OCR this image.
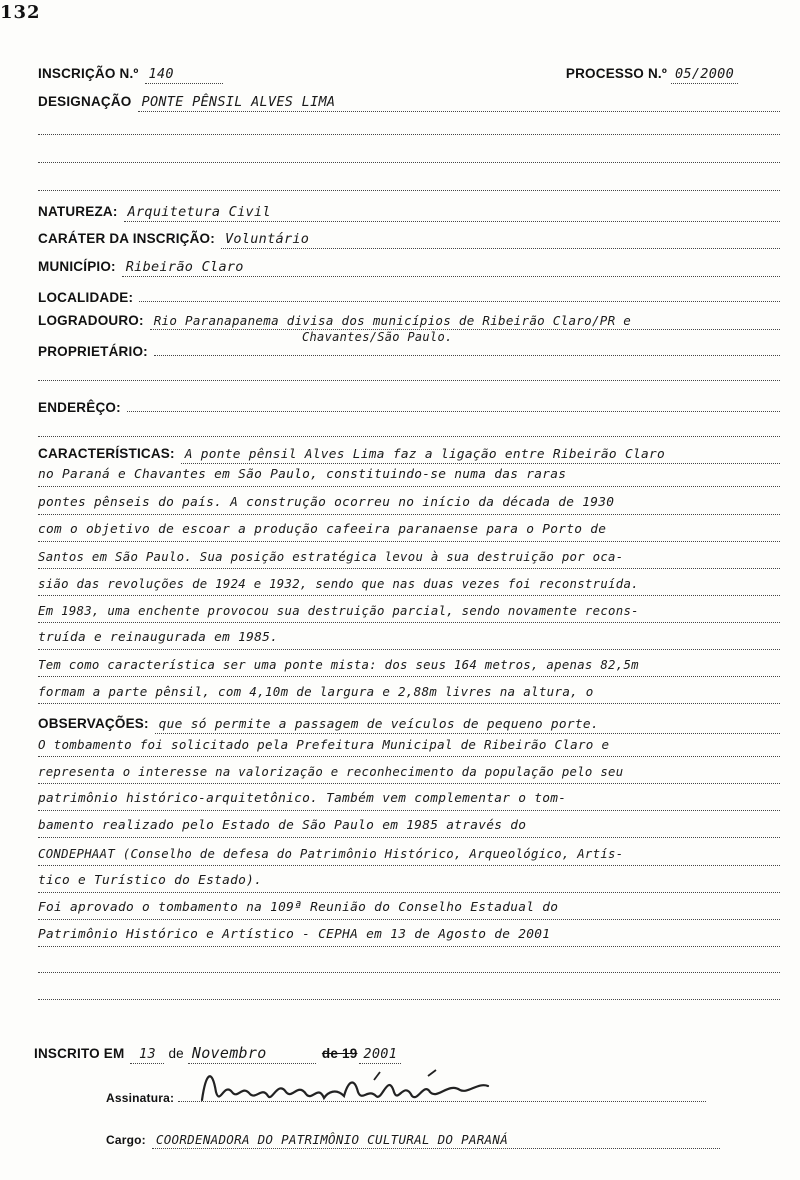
132
INSCRIÇÃO N.º 140	PROCESSO N.º 05/2000
DESIGNAÇÃO PONTE PÊNSIL ALVES LIMA
NATUREZA: Arquitetura Civil
CARÁTER DA INSCRIÇÃO: Voluntário
MUNICÍPIO: Ribeirão Claro
LOCALIDADE:
LOGRADOURO: Rio Paranapanema divisa dos municípios de Ribeirão Claro/PR e
Chavantes/São Paulo.
PROPRIETÁRIO:
ENDERÊÇO:
CARACTERÍSTICAS: A ponte pênsil Alves Lima faz a ligação entre Ribeirão Claro
no Paraná e Chavantes em São Paulo, constituindo-se numa das raras
pontes pênseis do país. A construção ocorreu no início da década de 1930
com o objetivo de escoar a produção cafeeira paranaense para o Porto de
Santos em São Paulo. Sua posição estratégica levou à sua destruição por oca-
sião das revoluções de 1924 e 1932, sendo que nas duas vezes foi reconstruída.
Em 1983, uma enchente provocou sua destruição parcial, sendo novamente recons-
truída e reinaugurada em 1985.
Tem como característica ser uma ponte mista: dos seus 164 metros, apenas 82,5m
formam a parte pênsil, com 4,10m de largura e 2,88m livres na altura, o
OBSERVAÇÕES: que só permite a passagem de veículos de pequeno porte.
O tombamento foi solicitado pela Prefeitura Municipal de Ribeirão Claro e
representa o interesse na valorização e reconhecimento da população pelo seu
patrimônio histórico-arquitetônico. Também vem complementar o tom-
bamento realizado pelo Estado de São Paulo em 1985 através do
CONDEPHAAT (Conselho de defesa do Patrimônio Histórico, Arqueológico, Artís-
tico e Turístico do Estado).
Foi aprovado o tombamento na 109ª Reunião do Conselho Estadual do
Patrimônio Histórico e Artístico - CEPHA em 13 de Agosto de 2001
INSCRITO EM	13 de Novembro	de 19 2001
Assinatura:
Cargo: COORDENADORA DO PATRIMÔNIO CULTURAL DO PARANÁ
